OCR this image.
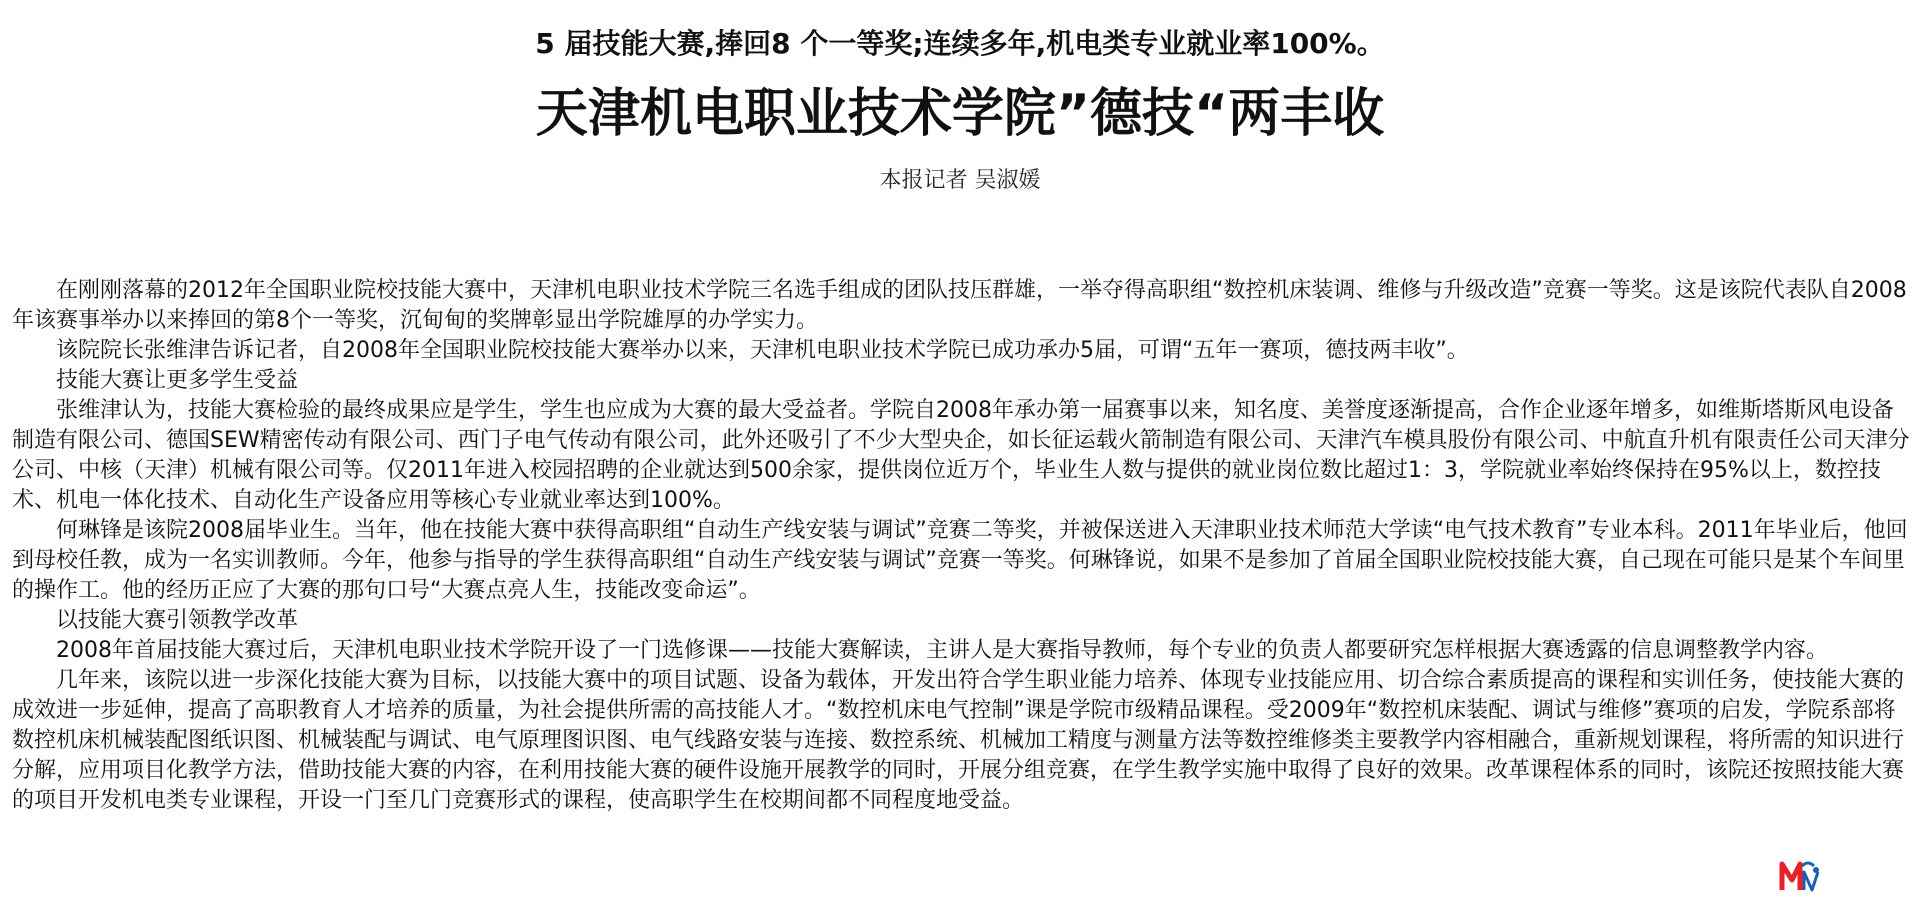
5 届技能大赛,捧回8 个一等奖;连续多年,机电类专业就业率100%。
天津机电职业技术学院”德技“两丰收
本报记者 吴淑媛

在刚刚落幕的2012年全国职业院校技能大赛中，天津机电职业技术学院三名选手组成的团队技压群雄，一举夺得高职组“数控机床装调、维修与升级改造”竞赛一等奖。这是该院代表队自2008年该赛事举办以来捧回的第8个一等奖，沉甸甸的奖牌彰显出学院雄厚的办学实力。

该院院长张维津告诉记者，自2008年全国职业院校技能大赛举办以来，天津机电职业技术学院已成功承办5届，可谓“五年一赛项，德技两丰收”。

技能大赛让更多学生受益

张维津认为，技能大赛检验的最终成果应是学生，学生也应成为大赛的最大受益者。学院自2008年承办第一届赛事以来，知名度、美誉度逐渐提高，合作企业逐年增多，如维斯塔斯风电设备制造有限公司、德国SEW精密传动有限公司、西门子电气传动有限公司，此外还吸引了不少大型央企，如长征运载火箭制造有限公司、天津汽车模具股份有限公司、中航直升机有限责任公司天津分公司、中核（天津）机械有限公司等。仅2011年进入校园招聘的企业就达到500余家，提供岗位近万个，毕业生人数与提供的就业岗位数比超过1：3，学院就业率始终保持在95%以上，数控技术、机电一体化技术、自动化生产设备应用等核心专业就业率达到100%。

何琳锋是该院2008届毕业生。当年，他在技能大赛中获得高职组“自动生产线安装与调试”竞赛二等奖，并被保送进入天津职业技术师范大学读“电气技术教育”专业本科。2011年毕业后，他回到母校任教，成为一名实训教师。今年，他参与指导的学生获得高职组“自动生产线安装与调试”竞赛一等奖。何琳锋说，如果不是参加了首届全国职业院校技能大赛，自己现在可能只是某个车间里的操作工。他的经历正应了大赛的那句口号“大赛点亮人生，技能改变命运”。

以技能大赛引领教学改革

2008年首届技能大赛过后，天津机电职业技术学院开设了一门选修课——技能大赛解读，主讲人是大赛指导教师，每个专业的负责人都要研究怎样根据大赛透露的信息调整教学内容。

几年来，该院以进一步深化技能大赛为目标，以技能大赛中的项目试题、设备为载体，开发出符合学生职业能力培养、体现专业技能应用、切合综合素质提高的课程和实训任务，使技能大赛的成效进一步延伸，提高了高职教育人才培养的质量，为社会提供所需的高技能人才。“数控机床电气控制”课是学院市级精品课程。受2009年“数控机床装配、调试与维修”赛项的启发，学院系部将数控机床机械装配图纸识图、机械装配与调试、电气原理图识图、电气线路安装与连接、数控系统、机械加工精度与测量方法等数控维修类主要教学内容相融合，重新规划课程，将所需的知识进行分解，应用项目化教学方法，借助技能大赛的内容，在利用技能大赛的硬件设施开展教学的同时，开展分组竞赛，在学生教学实施中取得了良好的效果。改革课程体系的同时，该院还按照技能大赛的项目开发机电类专业课程，开设一门至几门竞赛形式的课程，使高职学生在校期间都不同程度地受益。
